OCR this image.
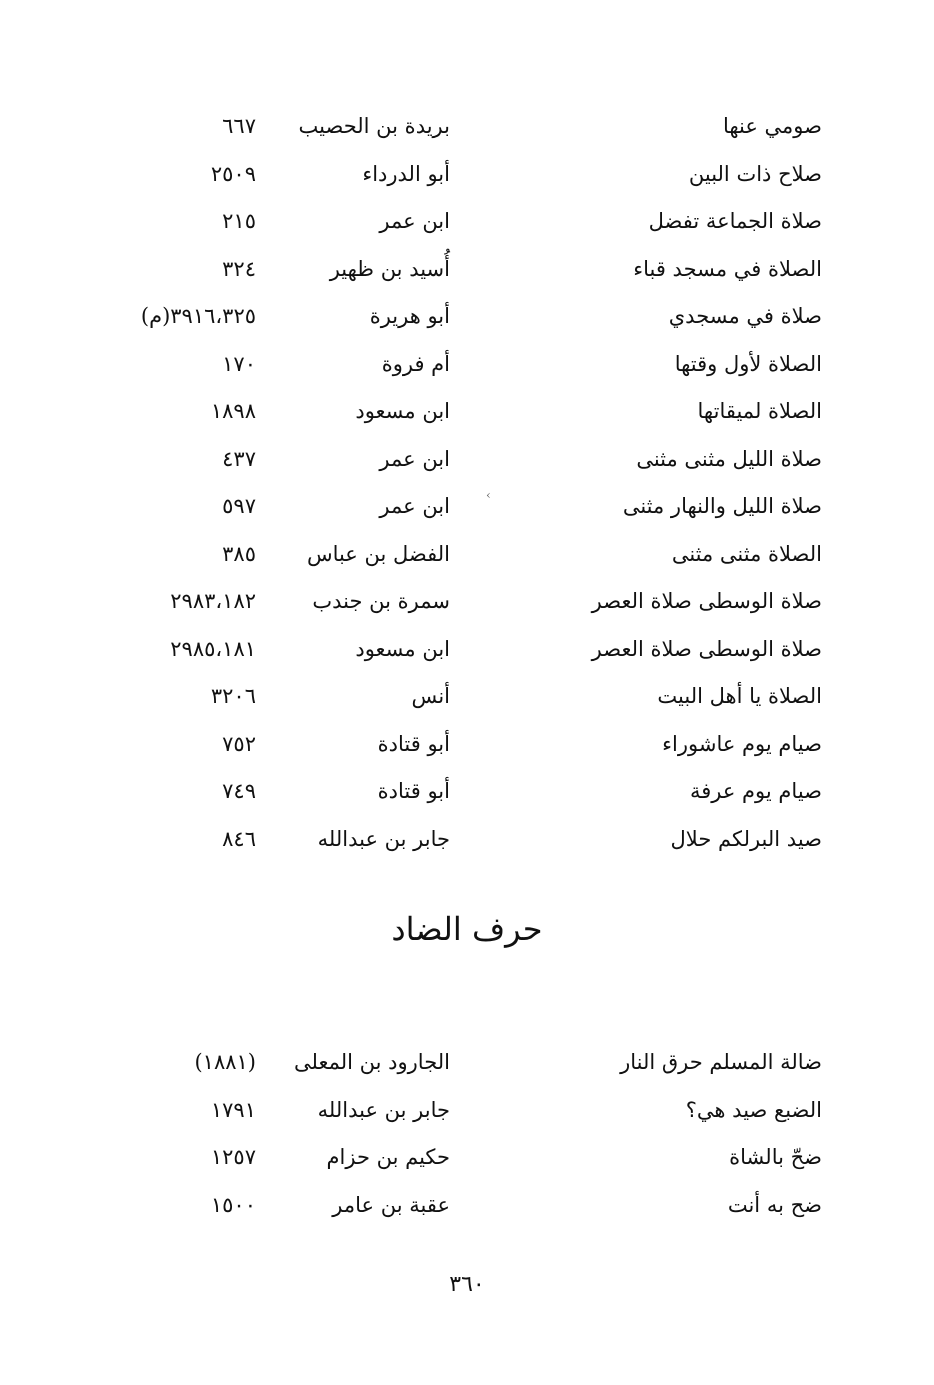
صومي عنها
بريدة بن الحصيب
٦٦٧
صلاح ذات البين
أبو الدرداء
٢٥٠٩
صلاة الجماعة تفضل
ابن عمر
٢١٥
الصلاة في مسجد قباء
أُسيد بن ظهير
٣٢٤
صلاة في مسجدي
أبو هريرة
٣٩١٦،٣٢٥(م)
الصلاة لأول وقتها
أم فروة
١٧٠
الصلاة لميقاتها
ابن مسعود
١٨٩٨
صلاة الليل مثنى مثنى
ابن عمر
٤٣٧
صلاة الليل والنهار مثنى
ابن عمر
٥٩٧
الصلاة مثنى مثنى
الفضل بن عباس
٣٨٥
صلاة الوسطى صلاة العصر
سمرة بن جندب
٢٩٨٣،١٨٢
صلاة الوسطى صلاة العصر
ابن مسعود
٢٩٨٥،١٨١
الصلاة يا أهل البيت
أنس
٣٢٠٦
صيام يوم عاشوراء
أبو قتادة
٧٥٢
صيام يوم عرفة
أبو قتادة
٧٤٩
صيد البرلكم حلال
جابر بن عبدالله
٨٤٦
حرف الضاد
ضالة المسلم حرق النار
الجارود بن المعلى
(١٨٨١)
الضبع صيد هي؟
جابر بن عبدالله
١٧٩١
ضحّ بالشاة
حكيم بن حزام
١٢٥٧
ضح به أنت
عقبة بن عامر
١٥٠٠
‹
٣٦٠
